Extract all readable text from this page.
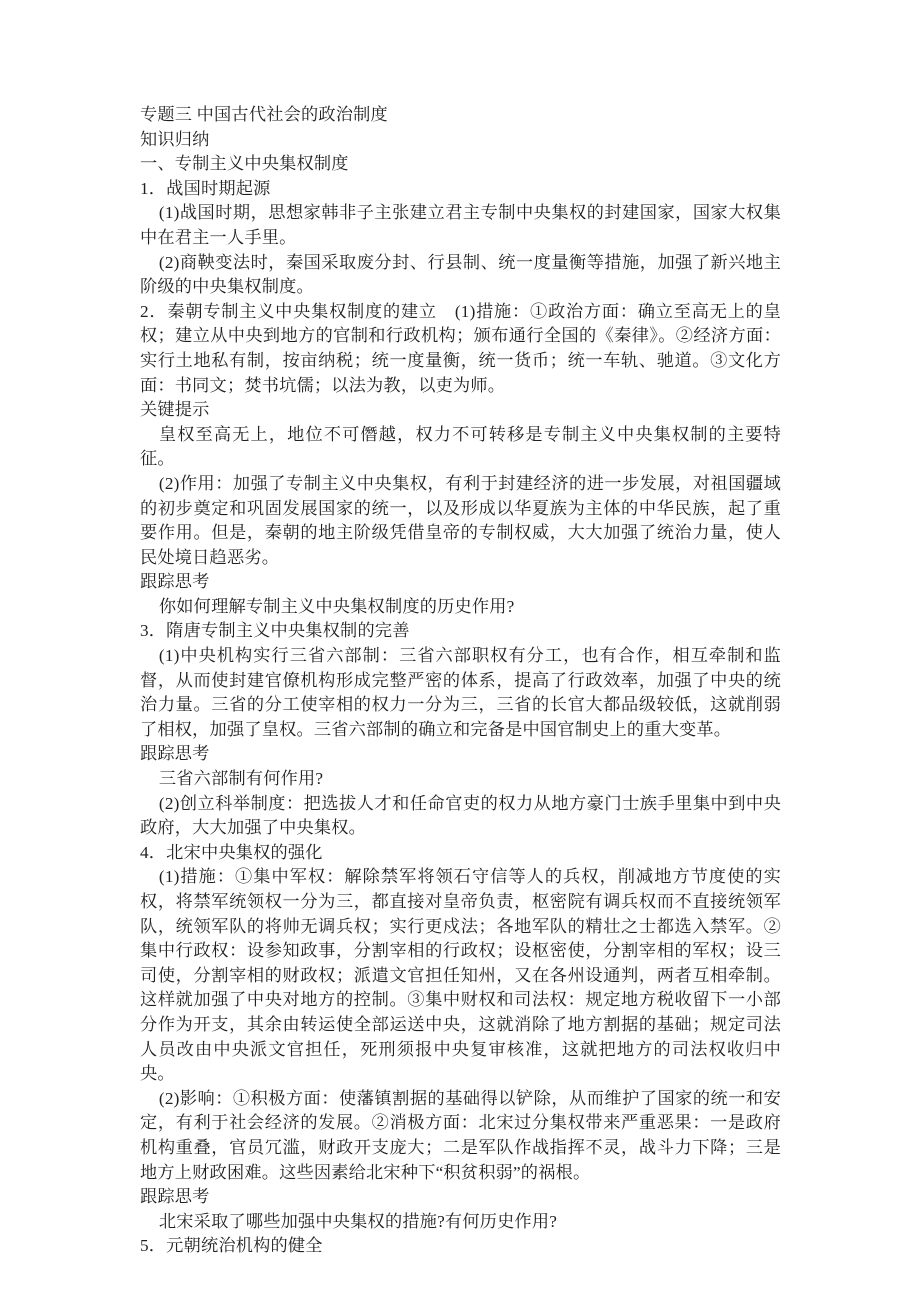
专题三 中国古代社会的政治制度

知识归纳

一、专制主义中央集权制度

1．战国时期起源

(1)战国时期，思想家韩非子主张建立君主专制中央集权的封建国家，国家大权集中在君主一人手里。

(2)商鞅变法时，秦国采取废分封、行县制、统一度量衡等措施，加强了新兴地主阶级的中央集权制度。

2．秦朝专制主义中央集权制度的建立　(1)措施：①政治方面：确立至高无上的皇权；建立从中央到地方的官制和行政机构；颁布通行全国的《秦律》。②经济方面：实行土地私有制，按亩纳税；统一度量衡，统一货币；统一车轨、驰道。③文化方面：书同文；焚书坑儒；以法为教，以吏为师。

关键提示

皇权至高无上，地位不可僭越，权力不可转移是专制主义中央集权制的主要特征。

(2)作用：加强了专制主义中央集权，有利于封建经济的进一步发展，对祖国疆域的初步奠定和巩固发展国家的统一，以及形成以华夏族为主体的中华民族，起了重要作用。但是，秦朝的地主阶级凭借皇帝的专制权威，大大加强了统治力量，使人民处境日趋恶劣。

跟踪思考

你如何理解专制主义中央集权制度的历史作用?

3．隋唐专制主义中央集权制的完善

(1)中央机构实行三省六部制：三省六部职权有分工，也有合作，相互牵制和监督，从而使封建官僚机构形成完整严密的体系，提高了行政效率，加强了中央的统治力量。三省的分工使宰相的权力一分为三，三省的长官大都品级较低，这就削弱了相权，加强了皇权。三省六部制的确立和完备是中国官制史上的重大变革。

跟踪思考

三省六部制有何作用?

(2)创立科举制度：把选拔人才和任命官吏的权力从地方豪门士族手里集中到中央政府，大大加强了中央集权。

4．北宋中央集权的强化

(1)措施：①集中军权：解除禁军将领石守信等人的兵权，削减地方节度使的实权，将禁军统领权一分为三，都直接对皇帝负责，枢密院有调兵权而不直接统领军队，统领军队的将帅无调兵权；实行更戍法；各地军队的精壮之士都选入禁军。②集中行政权：设参知政事，分割宰相的行政权；设枢密使，分割宰相的军权；设三司使，分割宰相的财政权；派遣文官担任知州，又在各州设通判，两者互相牵制。这样就加强了中央对地方的控制。③集中财权和司法权：规定地方税收留下一小部分作为开支，其余由转运使全部运送中央，这就消除了地方割据的基础；规定司法人员改由中央派文官担任，死刑须报中央复审核准，这就把地方的司法权收归中央。

(2)影响：①积极方面：使藩镇割据的基础得以铲除，从而维护了国家的统一和安定，有利于社会经济的发展。②消极方面：北宋过分集权带来严重恶果：一是政府机构重叠，官员冗滥，财政开支庞大；二是军队作战指挥不灵，战斗力下降；三是地方上财政困难。这些因素给北宋种下“积贫积弱”的祸根。

跟踪思考

北宋采取了哪些加强中央集权的措施?有何历史作用?

5．元朝统治机构的健全
